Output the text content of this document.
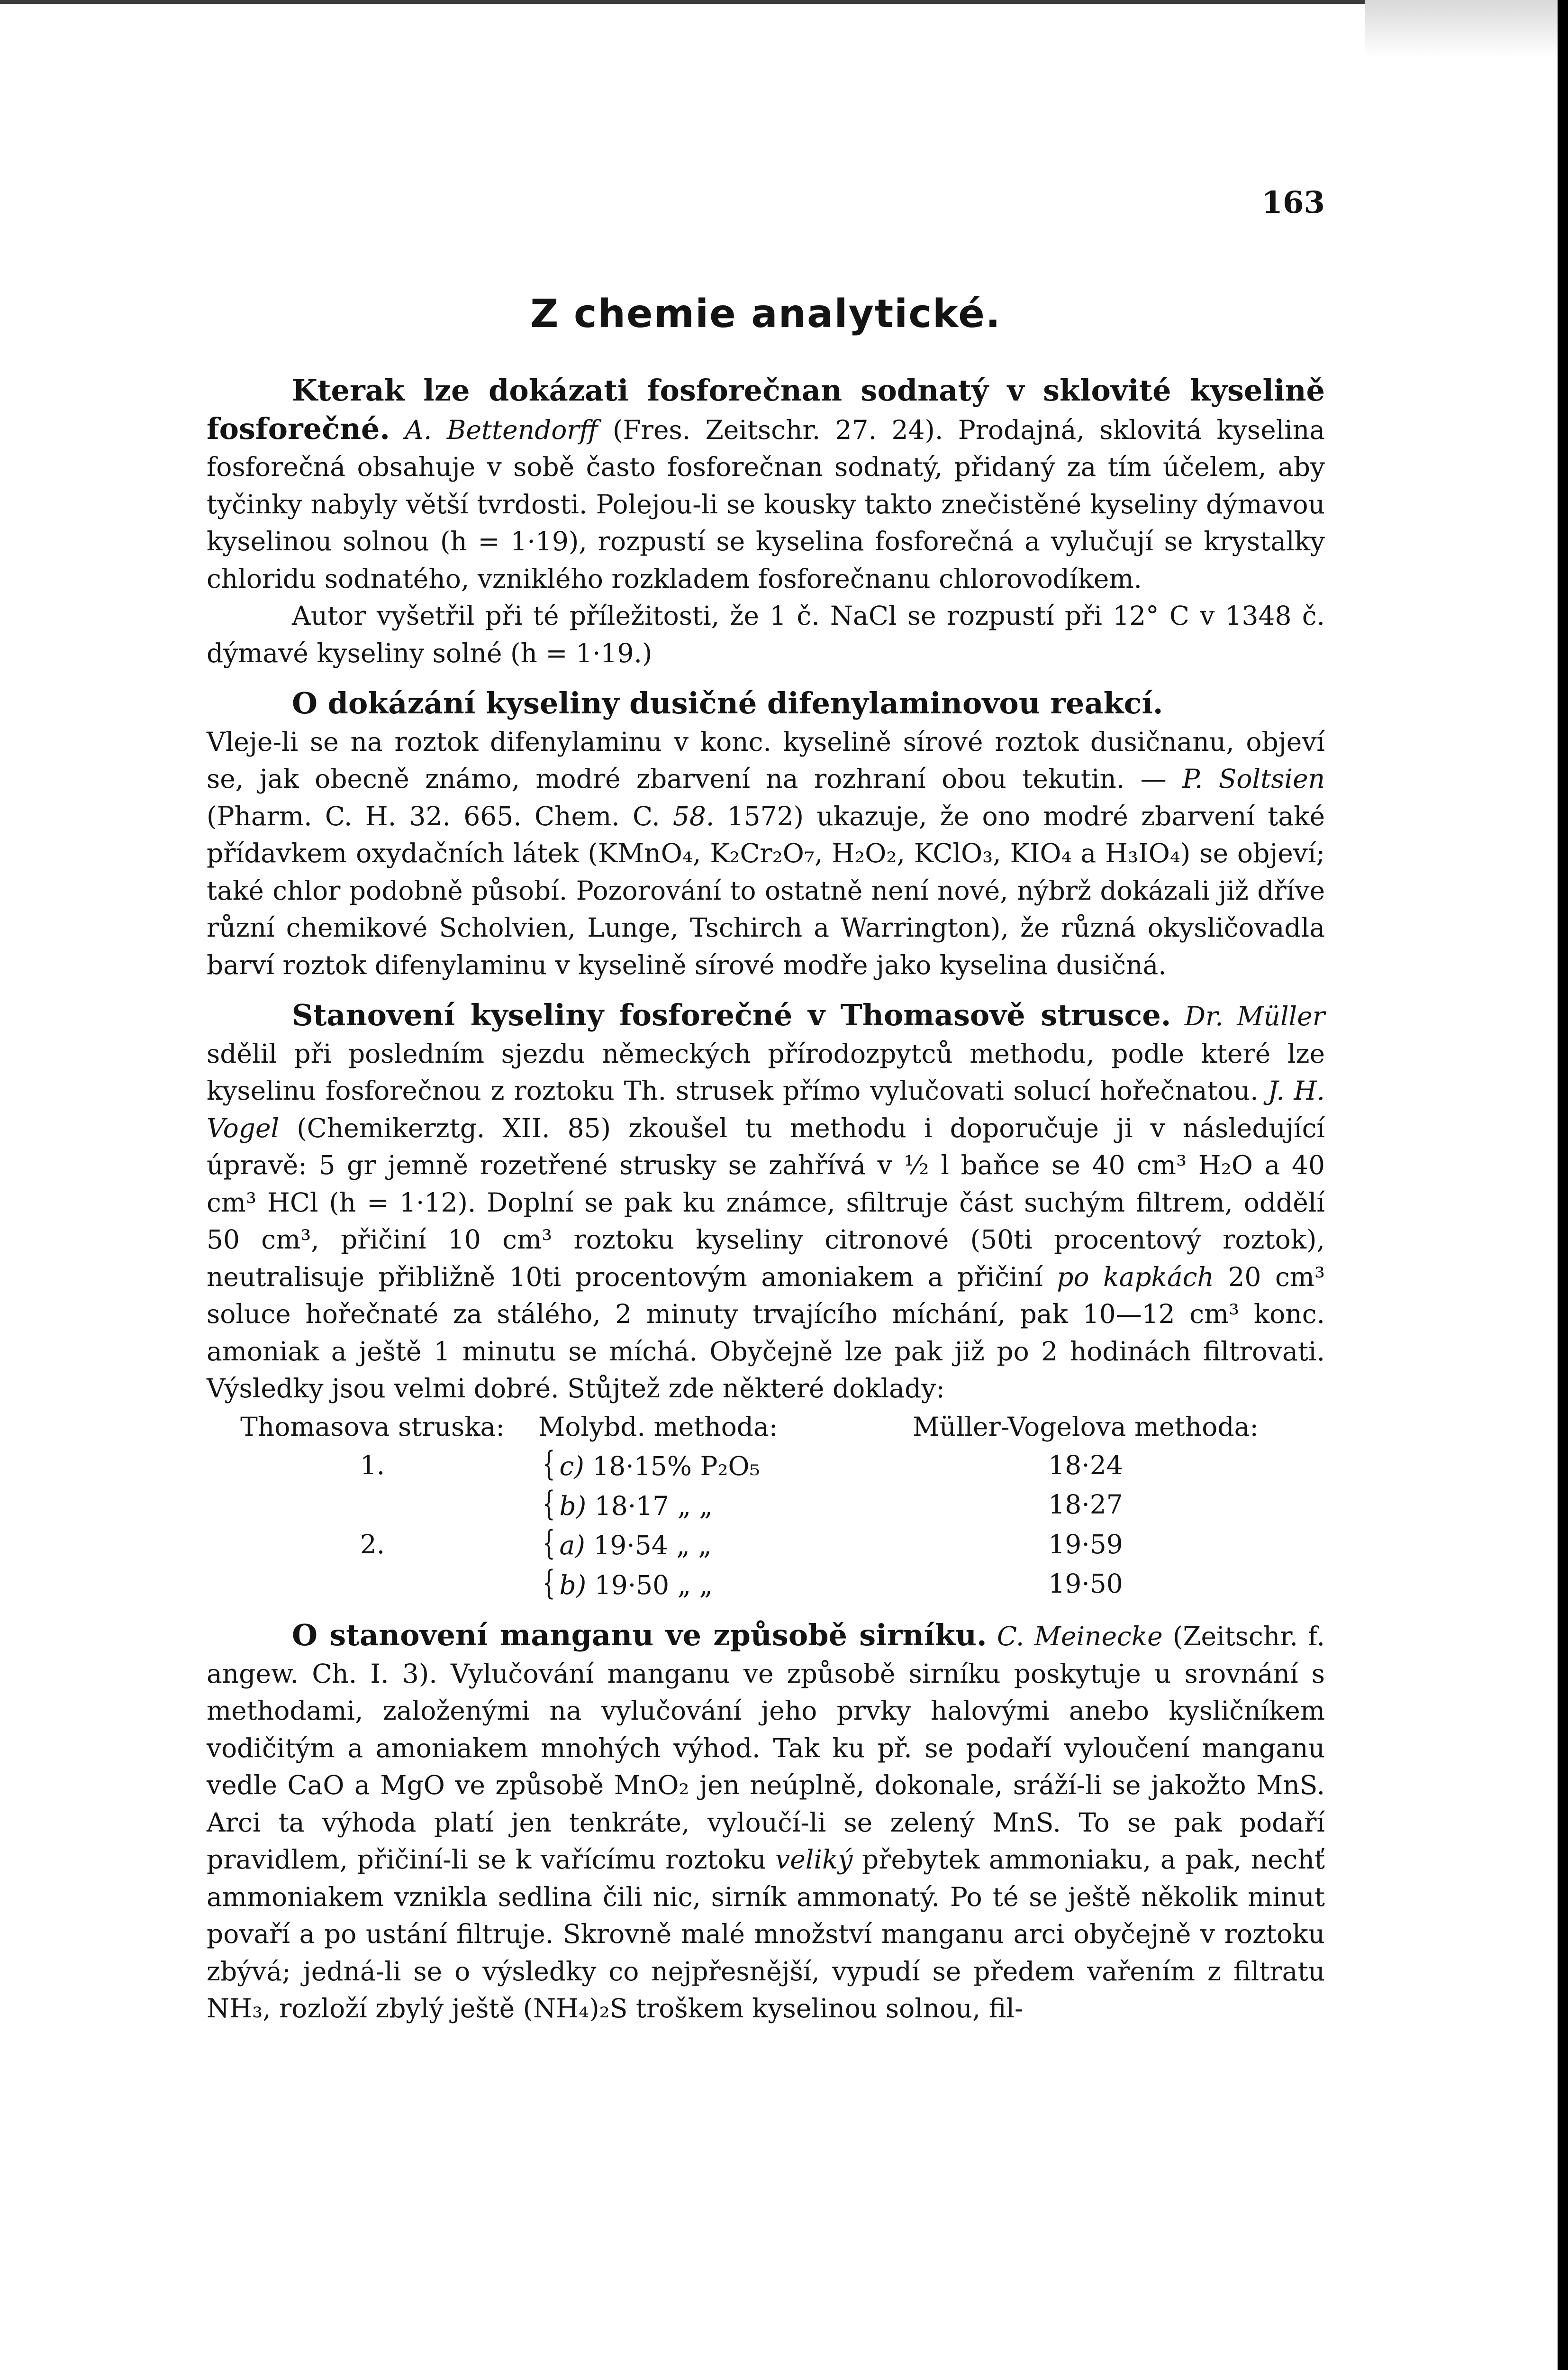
163
Z chemie analytické.

Kterak lze dokázati fosforečnan sodnatý v sklovité kyselině fosforečné. A. Bettendorff (Fres. Zeitschr. 27. 24). Prodajná, sklovitá kyselina fosforečná obsahuje v sobě často fosforečnan sodnatý, přidaný za tím účelem, aby tyčinky nabyly větší tvrdosti. Polejou-li se kousky takto znečistěné kyseliny dýmavou kyselinou solnou (h = 1·19), rozpustí se kyselina fosforečná a vylučují se krystalky chloridu sodnatého, vzniklého rozkladem fosforečnanu chlorovodíkem.

Autor vyšetřil při té příležitosti, že 1 č. NaCl se rozpustí při 12° C v 1348 č. dýmavé kyseliny solné (h = 1·19.)

O dokázání kyseliny dusičné difenylaminovou reakcí.
Vleje-li se na roztok difenylaminu v konc. kyselině sírové roztok dusičnanu, objeví se, jak obecně známo, modré zbarvení na rozhraní obou tekutin. — P. Soltsien (Pharm. C. H. 32. 665. Chem. C. 58. 1572) ukazuje, že ono modré zbarvení také přídavkem oxydačních látek (KMnO₄, K₂Cr₂O₇, H₂O₂, KClO₃, KIO₄ a H₃IO₄) se objeví; také chlor podobně působí. Pozorování to ostatně není nové, nýbrž dokázali již dříve různí chemikové Scholvien, Lunge, Tschirch a Warrington), že různá okysličovadla barví roztok difenylaminu v kyselině sírové modře jako kyselina dusičná.

Stanovení kyseliny fosforečné v Thomasově strusce. Dr. Müller sdělil při posledním sjezdu německých přírodozpytců methodu, podle které lze kyselinu fosforečnou z roztoku Th. strusek přímo vylučovati solucí hořečnatou. J. H. Vogel (Chemikerztg. XII. 85) zkoušel tu methodu i doporučuje ji v následující úpravě: 5 gr jemně rozetřené strusky se zahřívá v ½ l baňce se 40 cm³ H₂O a 40 cm³ HCl (h = 1·12). Doplní se pak ku známce, sfiltruje část suchým filtrem, oddělí 50 cm³, přičiní 10 cm³ roztoku kyseliny citronové (50ti procentový roztok), neutralisuje přibližně 10ti procentovým amoniakem a přičiní po kapkách 20 cm³ soluce hořečnaté za stálého, 2 minuty trvajícího míchání, pak 10—12 cm³ konc. amoniak a ještě 1 minutu se míchá. Obyčejně lze pak již po 2 hodinách filtrovati. Výsledky jsou velmi dobré. Stůjtež zde některé doklady:

Thomasova struska:	Molybd. methoda:	Müller-Vogelova methoda:
1.	{ c) 18·15% P₂O₅	18·24
	{ b) 18·17 „ „	18·27
2.	{ a) 19·54 „ „	19·59
	{ b) 19·50 „ „	19·50

O stanovení manganu ve způsobě sirníku. C. Meinecke (Zeitschr. f. angew. Ch. I. 3). Vylučování manganu ve způsobě sirníku poskytuje u srovnání s methodami, založenými na vylučování jeho prvky halovými anebo kysličníkem vodičitým a amoniakem mnohých výhod. Tak ku př. se podaří vyloučení manganu vedle CaO a MgO ve způsobě MnO₂ jen neúplně, dokonale, sráží-li se jakožto MnS. Arci ta výhoda platí jen tenkráte, vyloučí-li se zelený MnS. To se pak podaří pravidlem, přičiní-li se k vařícímu roztoku veliký přebytek ammoniaku, a pak, nechť ammoniakem vznikla sedlina čili nic, sirník ammonatý. Po té se ještě několik minut povaří a po ustání filtruje. Skrovně malé množství manganu arci obyčejně v roztoku zbývá; jedná-li se o výsledky co nejpřesnější, vypudí se předem vařením z filtratu NH₃, rozloží zbylý ještě (NH₄)₂S troškem kyselinou solnou, fil-
